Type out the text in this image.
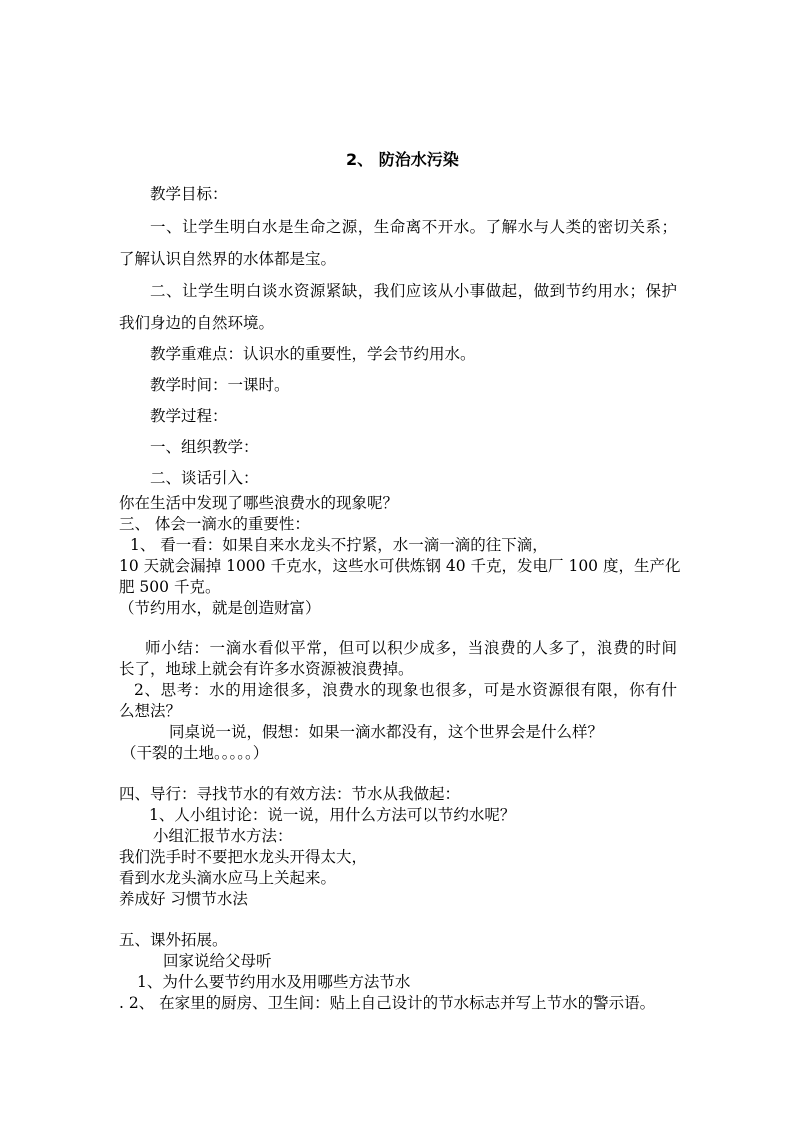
2、 防治水污染
教学目标：
一、让学生明白水是生命之源，生命离不开水。了解水与人类的密切关系；
了解认识自然界的水体都是宝。
二、让学生明白谈水资源紧缺，我们应该从小事做起，做到节约用水；保护
我们身边的自然环境。
教学重难点：认识水的重要性，学会节约用水。
教学时间：一课时。
教学过程：
一、组织教学：
二、谈话引入：
你在生活中发现了哪些浪费水的现象呢？
三、 体会一滴水的重要性：
1、 看一看：如果自来水龙头不拧紧，水一滴一滴的往下滴，
10 天就会漏掉 1000 千克水，这些水可供炼钢 40 千克，发电厂 100 度，生产化
肥 500 千克。
（节约用水，就是创造财富）
师小结：一滴水看似平常，但可以积少成多，当浪费的人多了，浪费的时间
长了，地球上就会有许多水资源被浪费掉。
2、思考：水的用途很多，浪费水的现象也很多，可是水资源很有限，你有什
么想法？
同桌说一说，假想：如果一滴水都没有，这个世界会是什么样？
（干裂的土地。。。。。）
四、导行：寻找节水的有效方法：节水从我做起：
1、人小组讨论：说一说，用什么方法可以节约水呢？
小组汇报节水方法：
我们洗手时不要把水龙头开得太大，
看到水龙头滴水应马上关起来。
养成好 习惯节水法
五、课外拓展。
回家说给父母听
1、为什么要节约用水及用哪些方法节水
. 2、 在家里的厨房、卫生间：贴上自己设计的节水标志并写上节水的警示语。
